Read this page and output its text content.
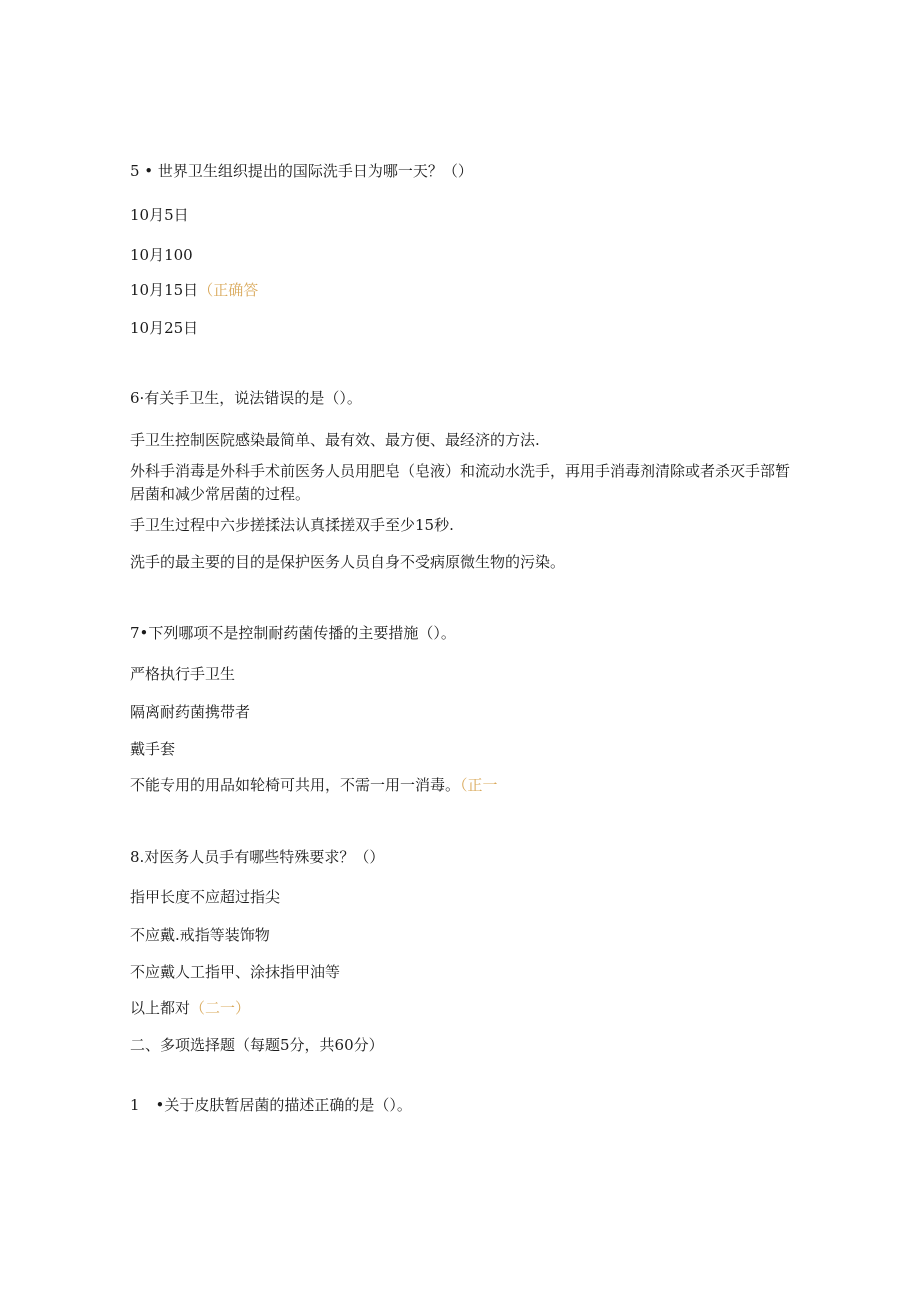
5 • 世界卫生组织提出的国际洗手日为哪一天？（）
10月5日
10月100
10月15日（正确答
10月25日
6·有关手卫生，说法错误的是（）。
手卫生控制医院感染最简单、最有效、最方便、最经济的方法.
外科手消毒是外科手术前医务人员用肥皂（皂液）和流动水洗手，再用手消毒剂清除或者杀灭手部暂居菌和减少常居菌的过程。
手卫生过程中六步搓揉法认真揉搓双手至少15秒.
洗手的最主要的目的是保护医务人员自身不受病原微生物的污染。
7•下列哪项不是控制耐药菌传播的主要措施（）。
严格执行手卫生
隔离耐药菌携带者
戴手套
不能专用的用品如轮椅可共用，不需一用一消毒。（正一
8.对医务人员手有哪些特殊要求？（）
指甲长度不应超过指尖
不应戴.戒指等装饰物
不应戴人工指甲、涂抹指甲油等
以上都对（二一）
二、多项选择题（每题5分，共60分）
1 •关于皮肤暂居菌的描述正确的是（）。
